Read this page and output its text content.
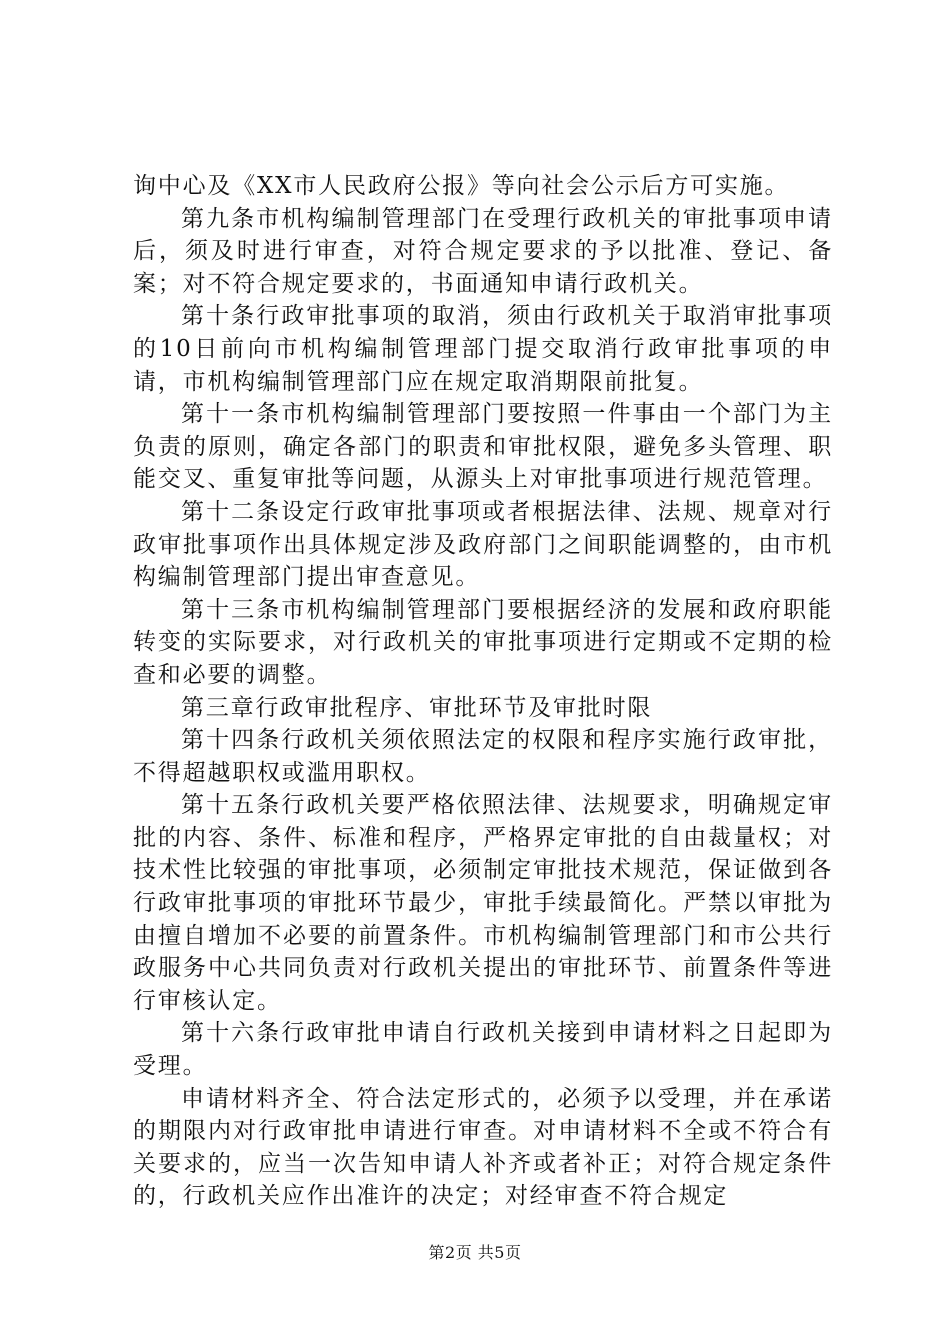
询中心及《XX市人民政府公报》等向社会公示后方可实施。

第九条市机构编制管理部门在受理行政机关的审批事项申请后，须及时进行审查，对符合规定要求的予以批准、登记、备案；对不符合规定要求的，书面通知申请行政机关。

第十条行政审批事项的取消，须由行政机关于取消审批事项的10日前向市机构编制管理部门提交取消行政审批事项的申请，市机构编制管理部门应在规定取消期限前批复。

第十一条市机构编制管理部门要按照一件事由一个部门为主负责的原则，确定各部门的职责和审批权限，避免多头管理、职能交叉、重复审批等问题，从源头上对审批事项进行规范管理。

第十二条设定行政审批事项或者根据法律、法规、规章对行政审批事项作出具体规定涉及政府部门之间职能调整的，由市机构编制管理部门提出审查意见。

第十三条市机构编制管理部门要根据经济的发展和政府职能转变的实际要求，对行政机关的审批事项进行定期或不定期的检查和必要的调整。

第三章行政审批程序、审批环节及审批时限

第十四条行政机关须依照法定的权限和程序实施行政审批，不得超越职权或滥用职权。

第十五条行政机关要严格依照法律、法规要求，明确规定审批的内容、条件、标准和程序，严格界定审批的自由裁量权；对技术性比较强的审批事项，必须制定审批技术规范，保证做到各行政审批事项的审批环节最少，审批手续最简化。严禁以审批为由擅自增加不必要的前置条件。市机构编制管理部门和市公共行政服务中心共同负责对行政机关提出的审批环节、前置条件等进行审核认定。

第十六条行政审批申请自行政机关接到申请材料之日起即为受理。

申请材料齐全、符合法定形式的，必须予以受理，并在承诺的期限内对行政审批申请进行审查。对申请材料不全或不符合有关要求的，应当一次告知申请人补齐或者补正；对符合规定条件的，行政机关应作出准许的决定；对经审查不符合规定

第2页 共5页
